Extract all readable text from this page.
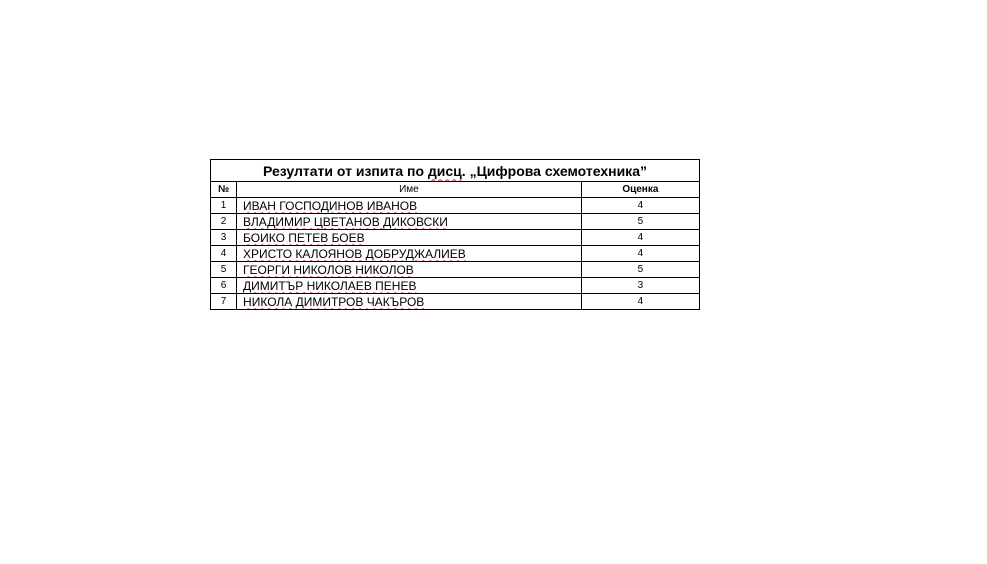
Резултати от изпита по дисц. „Цифрова схемотехника”		
№	Име	Оценка
1	ИВАН ГОСПОДИНОВ ИВАНОВ	4
2	ВЛАДИМИР ЦВЕТАНОВ ДИКОВСКИ	5
3	БОИКО ПЕТЕВ БОЕВ	4
4	ХРИСТО КАЛОЯНОВ ДОБРУДЖАЛИЕВ	4
5	ГЕОРГИ НИКОЛОВ НИКОЛОВ	5
6	ДИМИТЪР НИКОЛАЕВ ПЕНЕВ	3
7	НИКОЛА ДИМИТРОВ ЧАКЪРОВ	4
